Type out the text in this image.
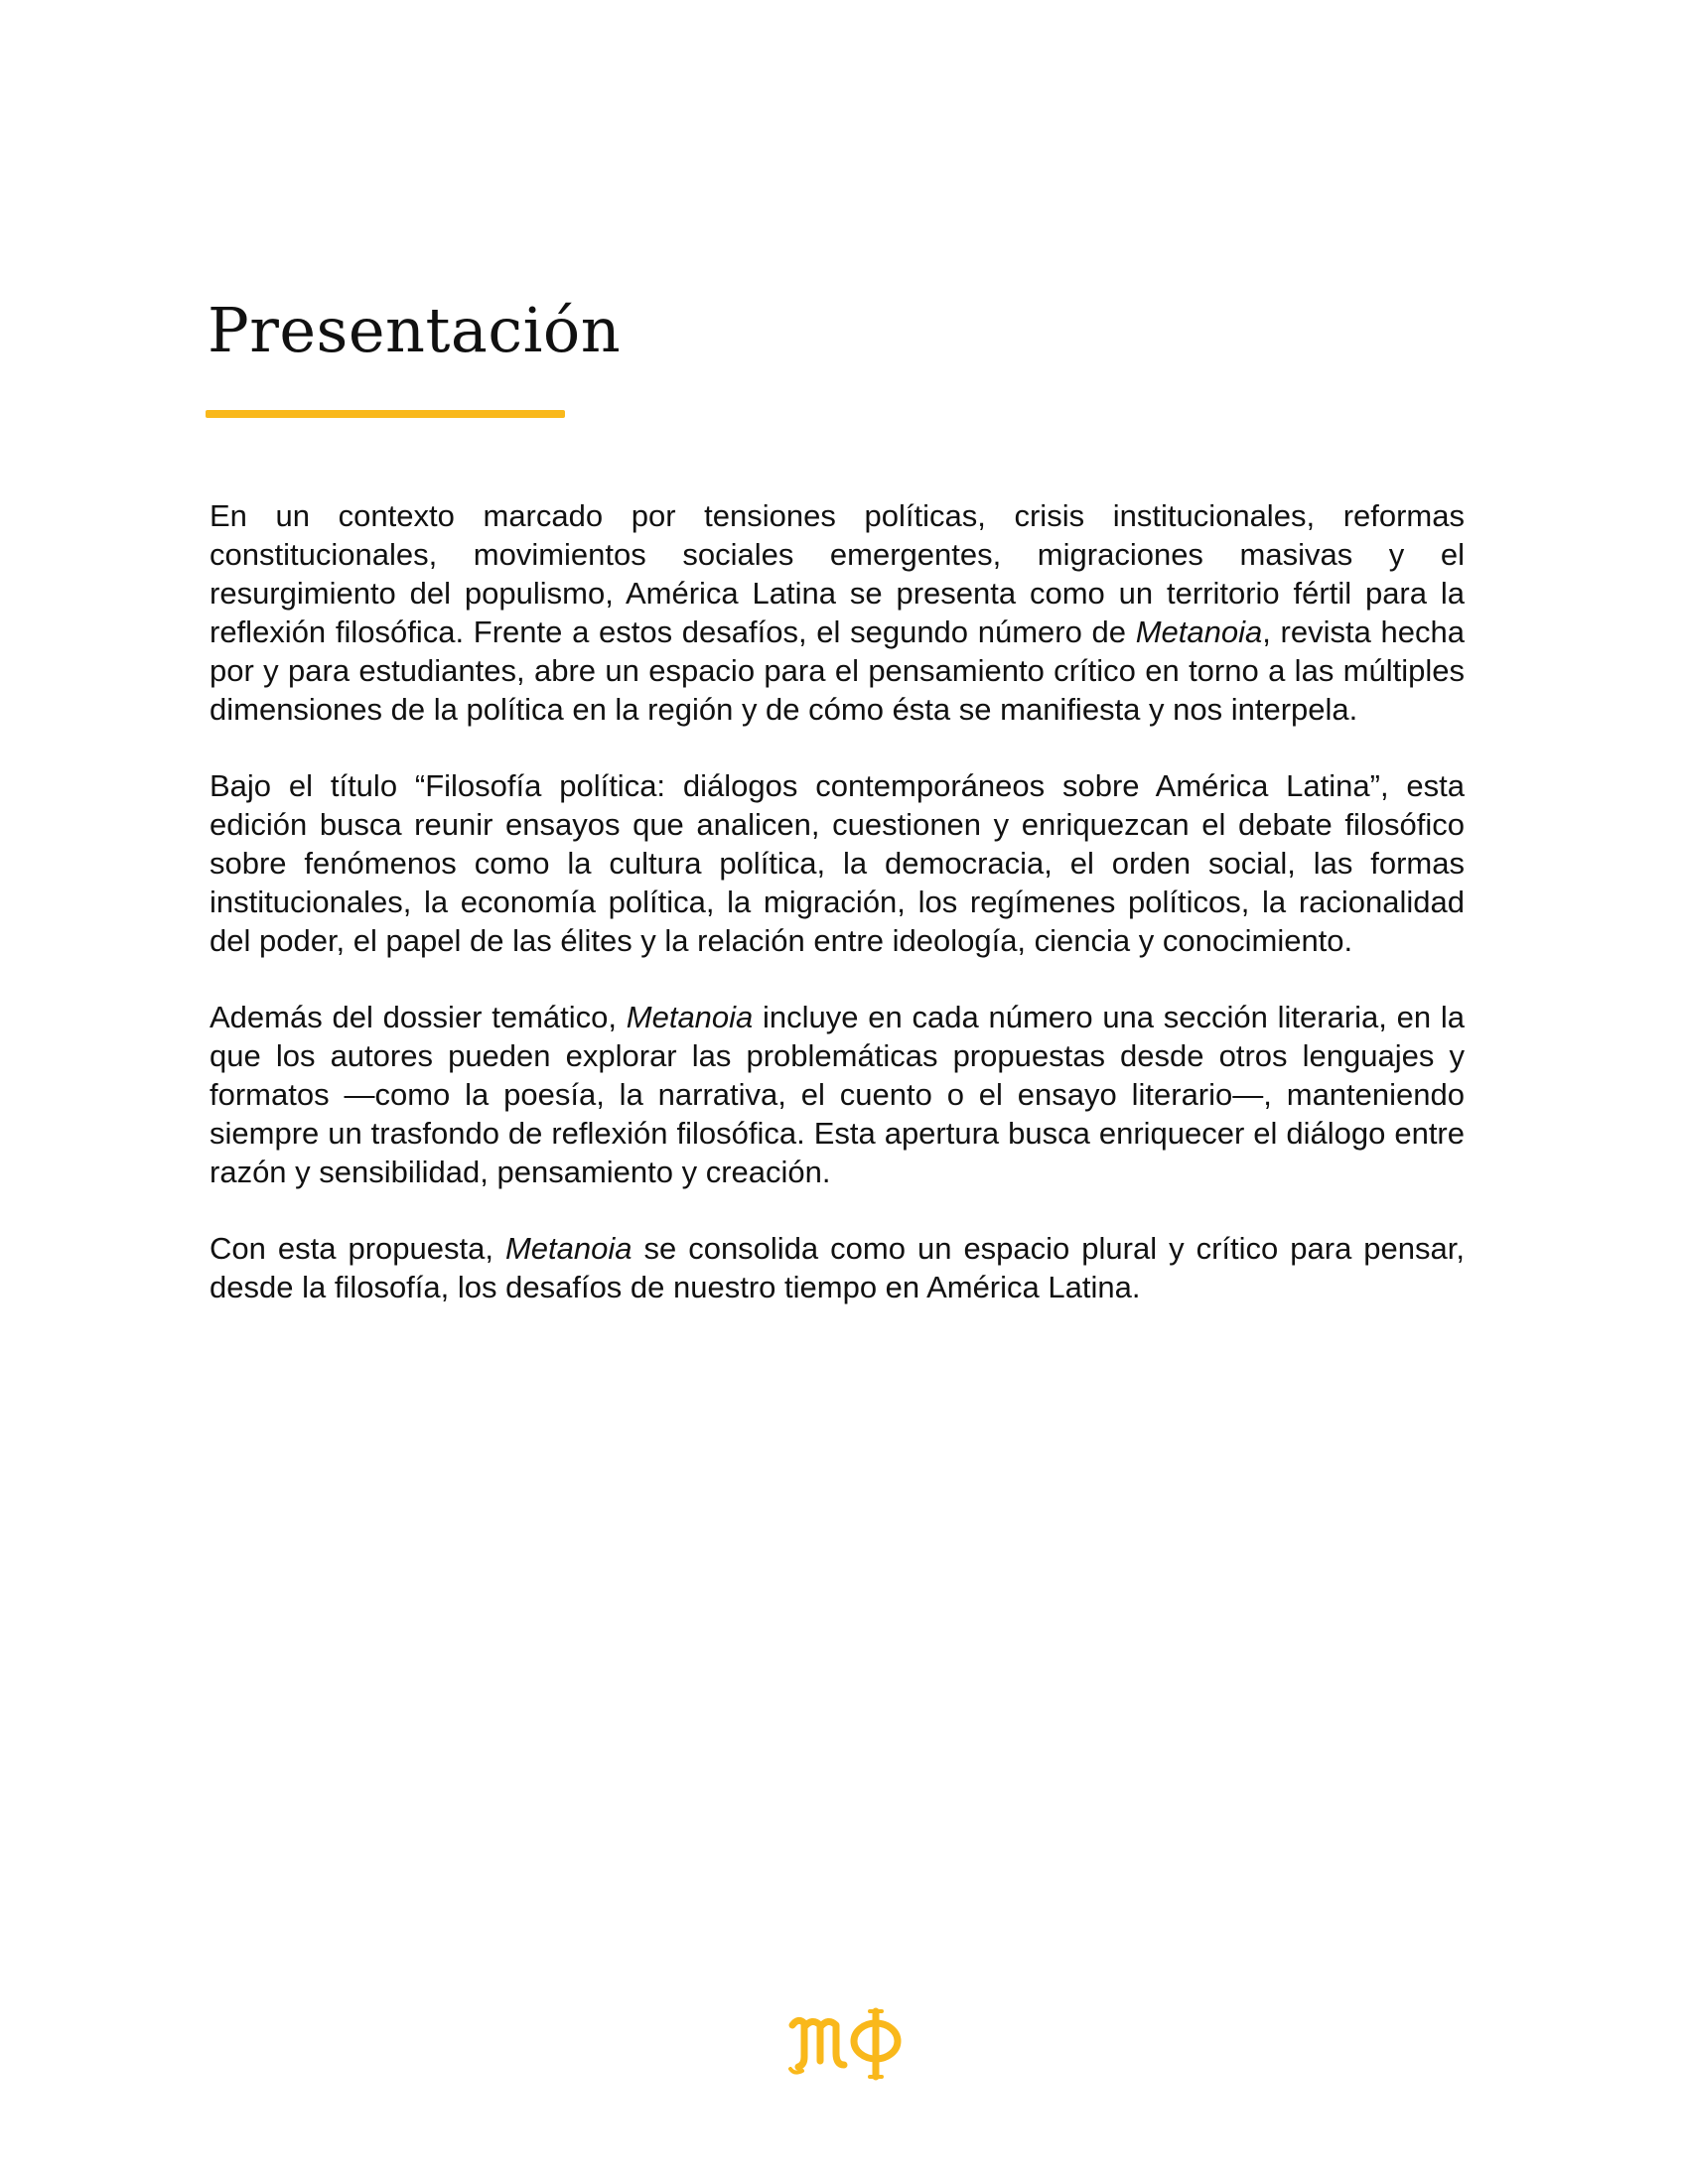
Presentación

En un contexto marcado por tensiones políticas, crisis institucionales, reformas constitucionales, movimientos sociales emergentes, migraciones masivas y el resurgimiento del populismo, América Latina se presenta como un territorio fértil para la reflexión filosófica. Frente a estos desafíos, el segundo número de Metanoia, revista hecha por y para estudiantes, abre un espacio para el pensamiento crítico en torno a las múltiples dimensiones de la política en la región y de cómo ésta se manifiesta y nos interpela.

Bajo el título “Filosofía política: diálogos contemporáneos sobre América Latina”, esta edición busca reunir ensayos que analicen, cuestionen y enriquezcan el debate filosófico sobre fenómenos como la cultura política, la democracia, el orden social, las formas institucionales, la economía política, la migración, los regímenes políticos, la racionalidad del poder, el papel de las élites y la relación entre ideología, ciencia y conocimiento.

Además del dossier temático, Metanoia incluye en cada número una sección literaria, en la que los autores pueden explorar las problemáticas propuestas desde otros lenguajes y formatos —como la poesía, la narrativa, el cuento o el ensayo literario—, manteniendo siempre un trasfondo de reflexión filosófica. Esta apertura busca enriquecer el diálogo entre razón y sensibilidad, pensamiento y creación.

Con esta propuesta, Metanoia se consolida como un espacio plural y crítico para pensar, desde la filosofía, los desafíos de nuestro tiempo en América Latina.
